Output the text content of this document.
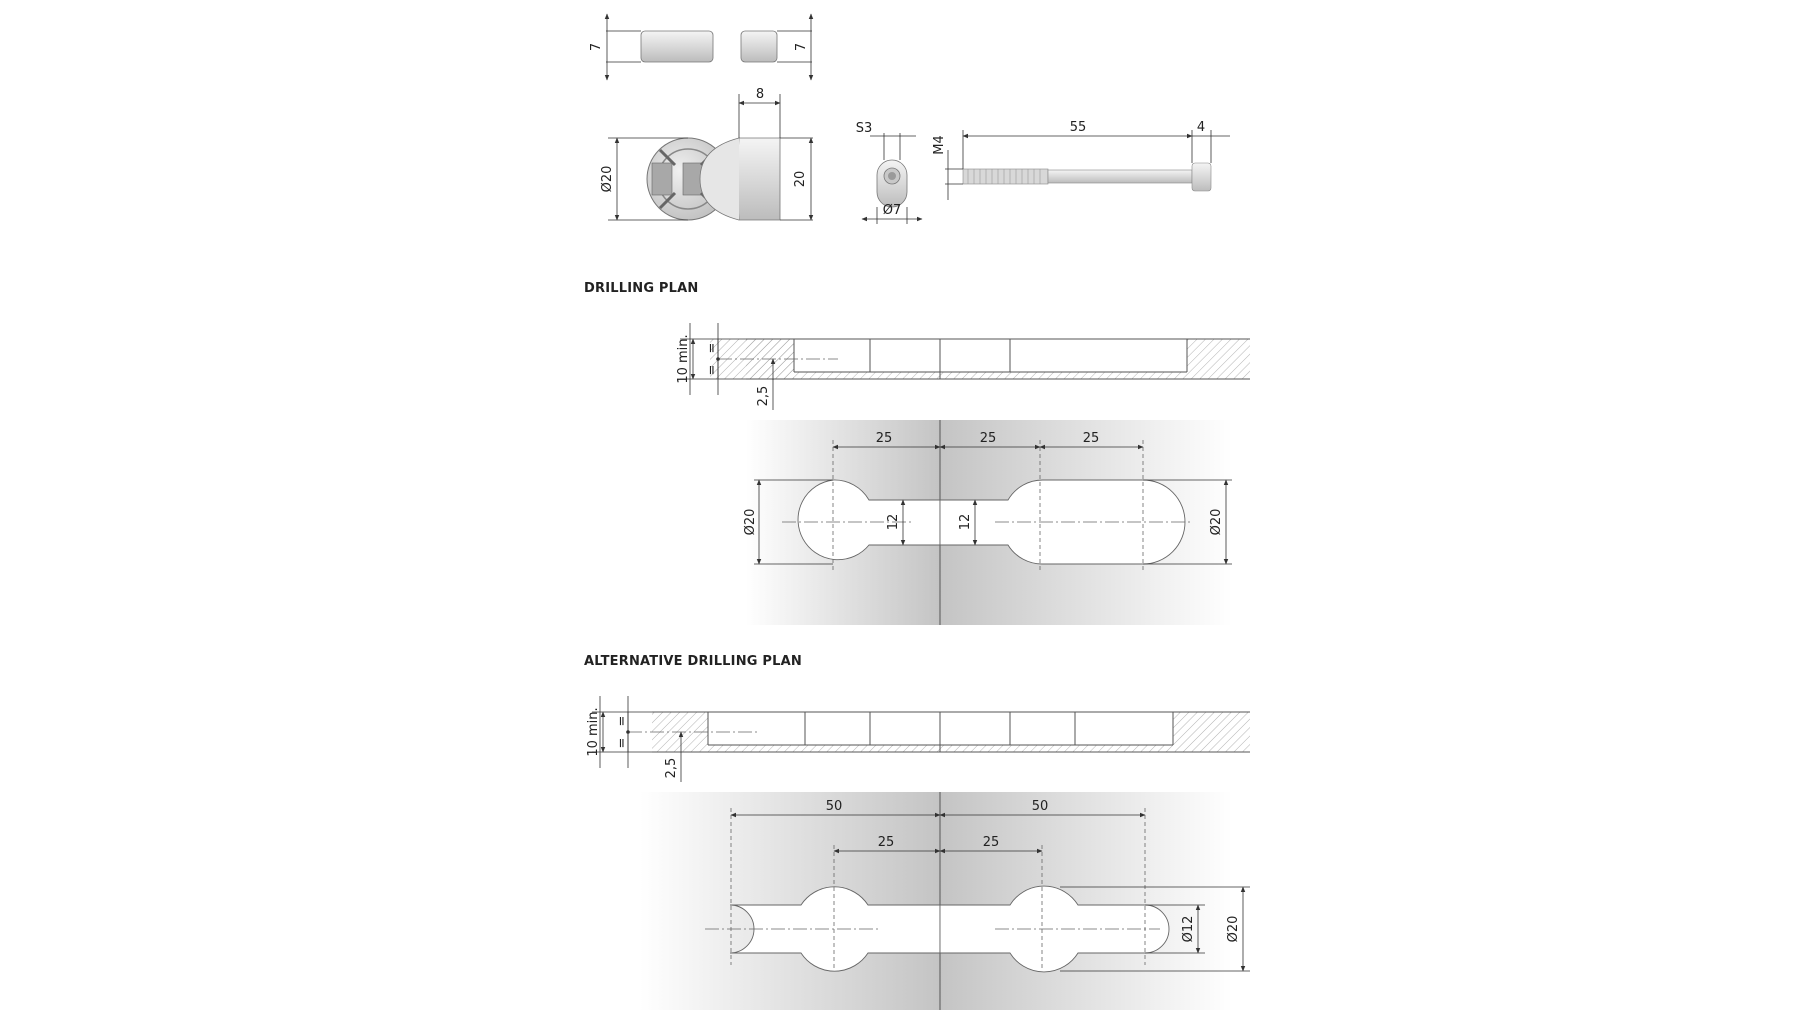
7	7
Ø20
8
20
S3
Ø7
M4
55	4
DRILLING PLAN
10 min. =
=
2,5
25	25	25
Ø20	12	12	Ø20
ALTERNATIVE DRILLING PLAN
10 min. =
=
2,5
50	50
25	25
Ø12 Ø20
